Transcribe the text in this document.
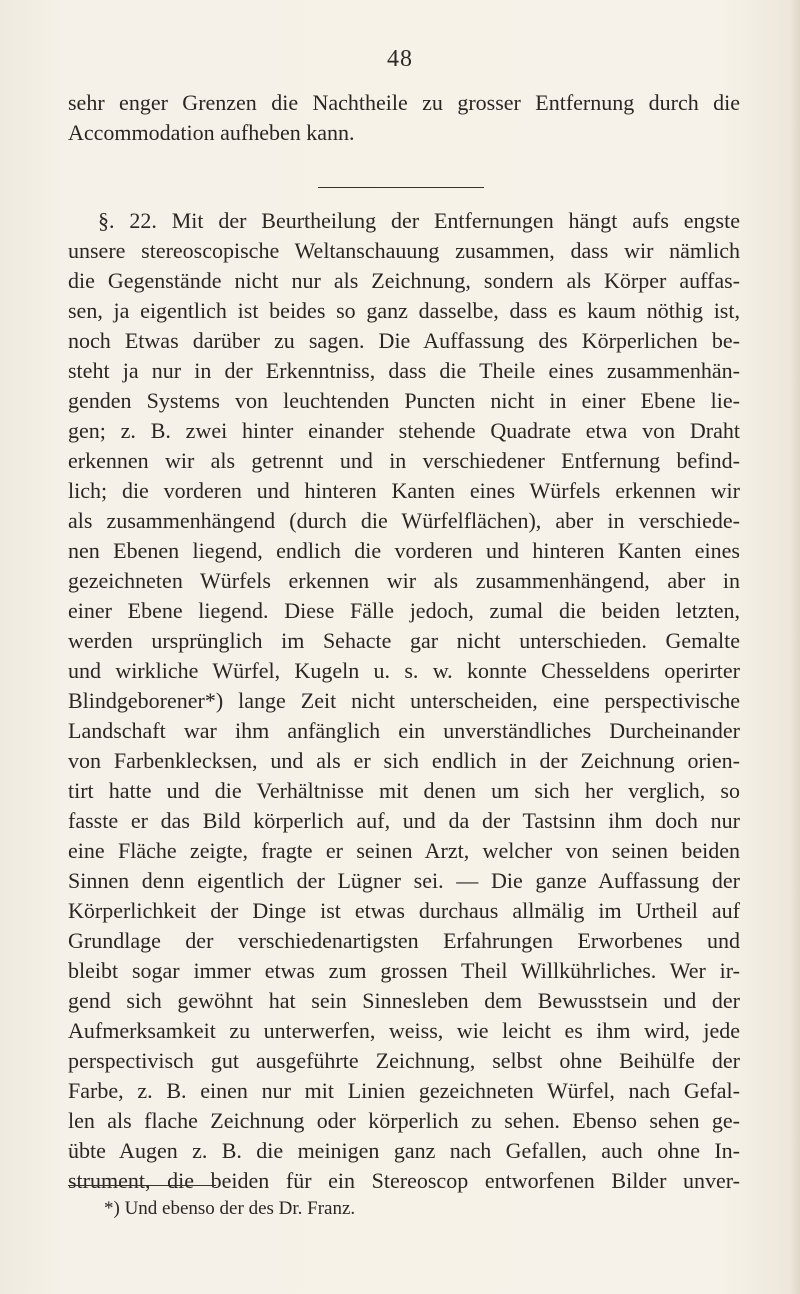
48
sehr enger Grenzen die Nachtheile zu grosser Entfernung durch die
Accommodation aufheben kann.
§. 22. Mit der Beurtheilung der Entfernungen hängt aufs engste
unsere stereoscopische Weltanschauung zusammen, dass wir nämlich
die Gegenstände nicht nur als Zeichnung, sondern als Körper auffas-
sen, ja eigentlich ist beides so ganz dasselbe, dass es kaum nöthig ist,
noch Etwas darüber zu sagen. Die Auffassung des Körperlichen be-
steht ja nur in der Erkenntniss, dass die Theile eines zusammenhän-
genden Systems von leuchtenden Puncten nicht in einer Ebene lie-
gen; z. B. zwei hinter einander stehende Quadrate etwa von Draht
erkennen wir als getrennt und in verschiedener Entfernung befind-
lich; die vorderen und hinteren Kanten eines Würfels erkennen wir
als zusammenhängend (durch die Würfelflächen), aber in verschiede-
nen Ebenen liegend, endlich die vorderen und hinteren Kanten eines
gezeichneten Würfels erkennen wir als zusammenhängend, aber in
einer Ebene liegend. Diese Fälle jedoch, zumal die beiden letzten,
werden ursprünglich im Sehacte gar nicht unterschieden. Gemalte
und wirkliche Würfel, Kugeln u. s. w. konnte Chesseldens operirter
Blindgeborener*) lange Zeit nicht unterscheiden, eine perspectivische
Landschaft war ihm anfänglich ein unverständliches Durcheinander
von Farbenklecksen, und als er sich endlich in der Zeichnung orien-
tirt hatte und die Verhältnisse mit denen um sich her verglich, so
fasste er das Bild körperlich auf, und da der Tastsinn ihm doch nur
eine Fläche zeigte, fragte er seinen Arzt, welcher von seinen beiden
Sinnen denn eigentlich der Lügner sei. — Die ganze Auffassung der
Körperlichkeit der Dinge ist etwas durchaus allmälig im Urtheil auf
Grundlage der verschiedenartigsten Erfahrungen Erworbenes und
bleibt sogar immer etwas zum grossen Theil Willkührliches. Wer ir-
gend sich gewöhnt hat sein Sinnesleben dem Bewusstsein und der
Aufmerksamkeit zu unterwerfen, weiss, wie leicht es ihm wird, jede
perspectivisch gut ausgeführte Zeichnung, selbst ohne Beihülfe der
Farbe, z. B. einen nur mit Linien gezeichneten Würfel, nach Gefal-
len als flache Zeichnung oder körperlich zu sehen. Ebenso sehen ge-
übte Augen z. B. die meinigen ganz nach Gefallen, auch ohne In-
strument, die beiden für ein Stereoscop entworfenen Bilder unver-
*) Und ebenso der des Dr. Franz.
